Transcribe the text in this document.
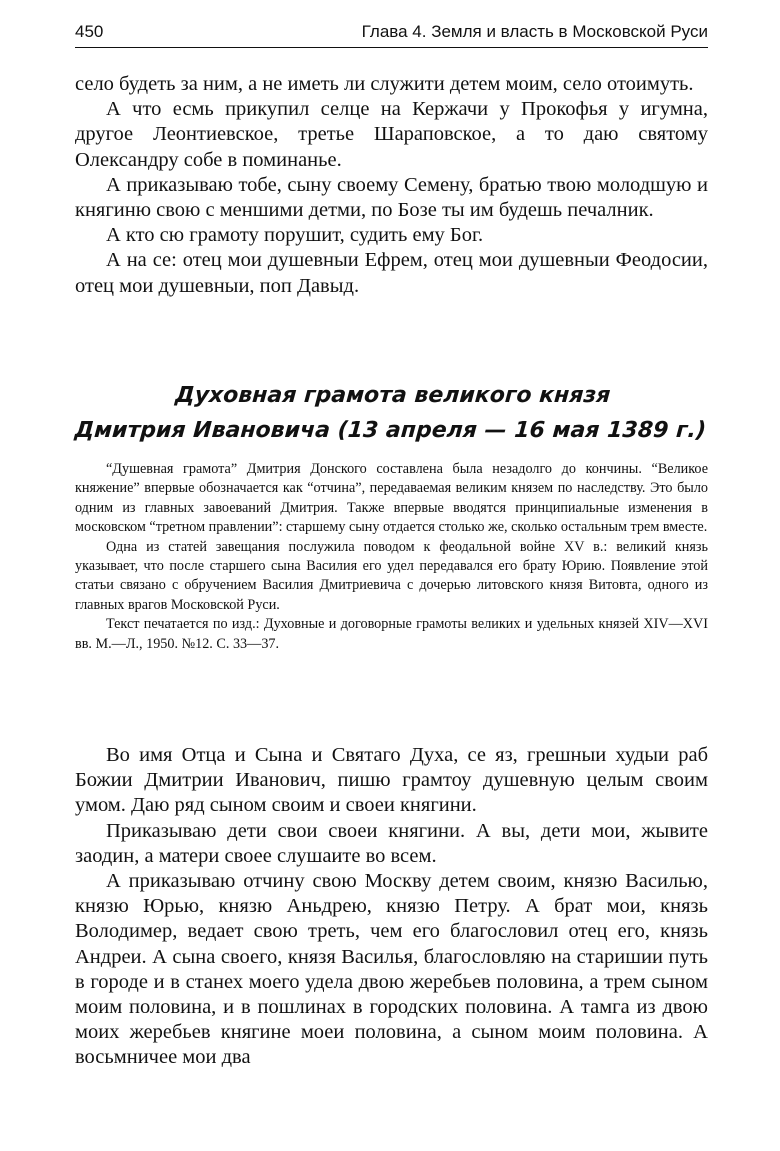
450	Глава 4. Земля и власть в Московской Руси

село будеть за ним, а не иметь ли служити детем моим, село отоимуть.

А что есмь прикупил селце на Кержачи у Прокофья у игумна, другое Леонтиевское, третье Шараповское, а то даю святому Олександру собе в поминанье.

А приказываю тобе, сыну своему Семену, братью твою молодшую и княгиню свою с меншими детми, по Бозе ты им будешь печалник.

А кто сю грамоту порушит, судить ему Бог.

А на се: отец мои душевныи Ефрем, отец мои душевныи Феодосии, отец мои душевныи, поп Давыд.

Духовная грамота великого князя
Дмитрия Ивановича (13 апреля — 16 мая 1389 г.)

“Душевная грамота” Дмитрия Донского составлена была незадолго до кончины. “Великое княжение” впервые обозначается как “отчина”, передаваемая великим князем по наследству. Это было одним из главных завоеваний Дмитрия. Также впервые вводятся принципиальные изменения в московском “третном правлении”: старшему сыну отдается столько же, сколько остальным трем вместе.

Одна из статей завещания послужила поводом к феодальной войне XV в.: великий князь указывает, что после старшего сына Василия его удел передавался его брату Юрию. Появление этой статьи связано с обручением Василия Дмитриевича с дочерью литовского князя Витовта, одного из главных врагов Московской Руси.

Текст печатается по изд.: Духовные и договорные грамоты великих и удельных князей XIV—XVI вв. М.—Л., 1950. №12. С. 33—37.

Во имя Отца и Сына и Святаго Духа, се яз, грешныи худыи раб Божии Дмитрии Иванович, пишю грамтоу душевную целым своим умом. Даю ряд сыном своим и своеи княгини.

Приказываю дети свои своеи княгини. А вы, дети мои, жывите заодин, а матери своее слушаите во всем.

А приказываю отчину свою Москву детем своим, князю Василью, князю Юрью, князю Аньдрею, князю Петру. А брат мои, князь Володимер, ведает свою треть, чем его благословил отец его, князь Андреи. А сына своего, князя Василья, благословляю на старишии путь в городе и в станех моего удела двою жеребьев половина, а трем сыном моим половина, и в пошлинах в городских половина. А тамга из двою моих жеребьев княгине моеи половина, а сыном моим половина. А восьмничее мои два
